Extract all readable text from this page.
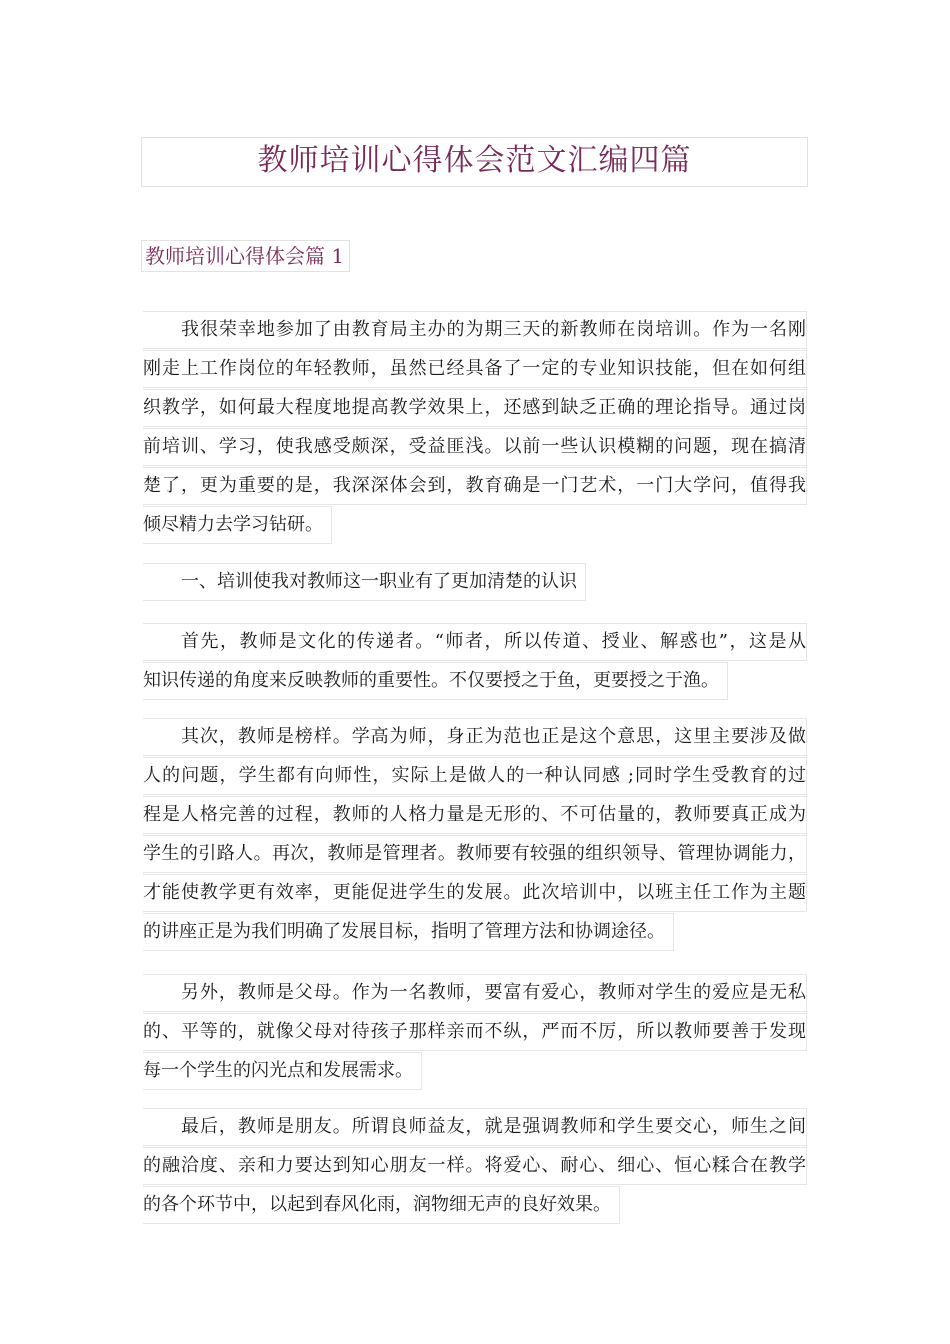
教师培训心得体会范文汇编四篇
教师培训心得体会篇 1
我很荣幸地参加了由教育局主办的为期三天的新教师在岗培训。作为一名刚
刚走上工作岗位的年轻教师，虽然已经具备了一定的专业知识技能，但在如何组
织教学，如何最大程度地提高教学效果上，还感到缺乏正确的理论指导。通过岗
前培训、学习，使我感受颇深，受益匪浅。以前一些认识模糊的问题，现在搞清
楚了，更为重要的是，我深深体会到，教育确是一门艺术，一门大学问，值得我
倾尽精力去学习钻研。
一、培训使我对教师这一职业有了更加清楚的认识
首先，教师是文化的传递者。“师者，所以传道、授业、解惑也”，这是从
知识传递的角度来反映教师的重要性。不仅要授之于鱼，更要授之于渔。
其次，教师是榜样。学高为师，身正为范也正是这个意思，这里主要涉及做
人的问题，学生都有向师性，实际上是做人的一种认同感 ;同时学生受教育的过
程是人格完善的过程，教师的人格力量是无形的、不可估量的，教师要真正成为
学生的引路人。再次，教师是管理者。教师要有较强的组织领导、管理协调能力，
才能使教学更有效率，更能促进学生的发展。此次培训中，以班主任工作为主题
的讲座正是为我们明确了发展目标，指明了管理方法和协调途径。
另外，教师是父母。作为一名教师，要富有爱心，教师对学生的爱应是无私
的、平等的，就像父母对待孩子那样亲而不纵，严而不厉，所以教师要善于发现
每一个学生的闪光点和发展需求。
最后，教师是朋友。所谓良师益友，就是强调教师和学生要交心，师生之间
的融洽度、亲和力要达到知心朋友一样。将爱心、耐心、细心、恒心糅合在教学
的各个环节中，以起到春风化雨，润物细无声的良好效果。
